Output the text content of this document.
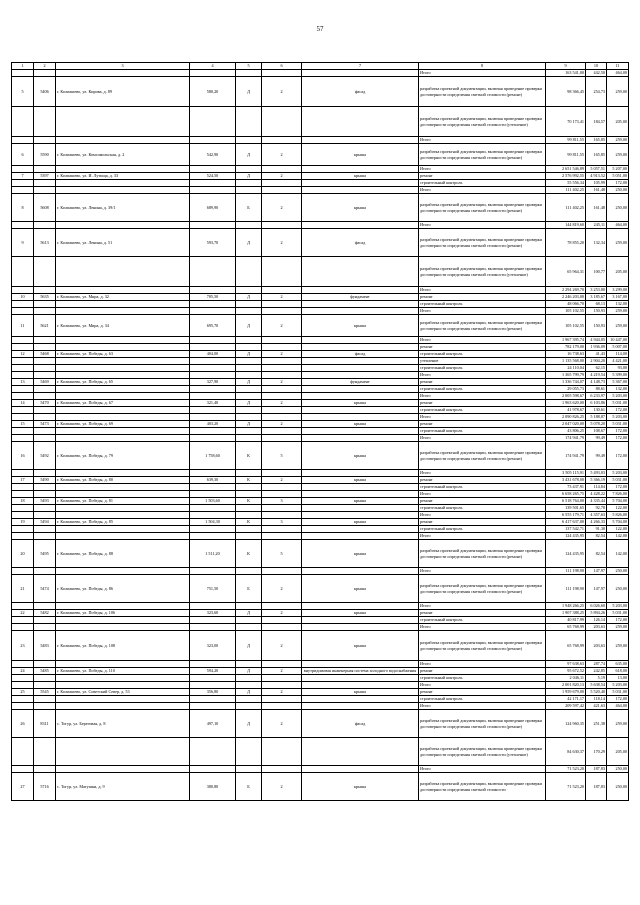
57
1	2	3	4	5	6	7	8	9	10	11
							Итого	163 541,00	442,50	464,00
5	5406	г. Колпашево, ул. Кирова, д. 89	580,20	Д	2	фасад	разработка проектной документации, включая проведение проверки достоверности определения сметной стоимости (ремонт)	98 366,45	254,73	259,00
							разработка проектной документации, включая проведение проверки достоверности определения сметной стоимости (утепление)	70 173,41	184,57	205,00
							Итого	99 811,55	165,85	259,00
6	5590	г. Колпашево, ул. Комсомольская, д. 2	542,90	Д	2	крыша	разработка проектной документации, включая проведение проверки достоверности определения сметной стоимости (ремонт)	99 811,55	165,85	259,00
							Итого	2 651 546,89	5 057,51	5 207,00
7	5397	г. Колпашево, ул. И. Лутища, д. 33	524,50	Д	2	крыша	ремонт	2 576 992,55	4 913,52	5 051,00
							строительный контроль	55 556,34	105,99	172,00
							Итого	111 402,25	161,48	250,00
8	5608	г. Колпашево, ул. Ленина, д. 39/1	689,90	Б	2	крыша	разработка проектной документации, включая проведение проверки достоверности определения сметной стоимости (ремонт)	111 402,25	161,48	250,00
							Итого	144 819,60	245,11	464,00
9	5613	г. Колпашево, ул. Ленина, д. 51	593,70	Д	2	фасад	разработка проектной документации, включая проведение проверки достоверности определения сметной стоимости (ремонт)	78 855,20	132,34	259,00
							разработка проектной документации, включая проведение проверки достоверности определения сметной стоимости (утепление)	65 964,31	100,77	205,00
							Итого	2 294 269,70	3 253,80	3 299,00
10	5635	г. Колпашево, ул. Мира, д. 32	705,50	Д	2	фундамент	ремонт	2 246 203,00	3 185,67	3 167,00
							строительный контроль	48 066,70	68,13	132,00
							Итого	105 102,55	150,93	259,00
11	5621	г. Колпашево, ул. Мира, д. 34	695,70	Д	2	крыша	разработка проектной документации, включая проведение проверки достоверности определения сметной стоимости (ремонт)	105 102,55	150,93	259,00
							Итого	1 967 395,74	4 944,05	10 447,00
							ремонт	782 179,00	1 936,09	5 007,00
12	5468	г. Колпашево, ул. Победы, д. 63	404,00	Д	2	фасад	строительный контроль	16 738,63	41,43	114,00
							утепление	1 135 568,00	2 904,20	4 421,00
							строительный контроль	24 110,04	62,15	93,00
							Итого	1 365 799,79	4 219,54	5 399,00
13	5469	г. Колпашево, ул. Победы, д. 65	327,90	Д	2	фундамент	ремонт	1 336 744,07	4 148,73	5 367,00
							строительный контроль	29 055,73	88,61	132,00
							Итого	2 005 598,67	6 233,97	5 203,00
14	5470	г. Колпашево, ул. Победы, д. 67	321,40	Д	2	крыша	ремонт	1 963 620,00	6 103,86	5 031,00
							строительный контроль	41 978,67	130,61	172,00
							Итого	2 090 826,25	5 188,87	5 203,00
15	5473	г. Колпашево, ул. Победы, д. 69	403,20	Д	2	крыша	ремонт	2 047 020,00	5 078,20	5 031,00
							строительный контроль	43 806,25	108,67	172,00
							Итого	174 941,79	99,49	172,00
16	5492	г. Колпашево, ул. Победы, д. 79	1 758,60	К	5	крыша	разработка проектной документации, включая проведение проверки достоверности определения сметной стоимости (ремонт)	174 941,79	99,49	172,00
							Итого	3 505 115,91	5 493,03	5 203,00
17	5490	г. Колпашево, ул. Победы, д. 80	639,30	К	2	крыша	ремонт	3 431 678,00	5 366,19	5 031,00
							строительный контроль	73 437,91	114,84	172,00
							Итого	6 658 265,75	4 428,22	7 826,00
18	5493	г. Колпашево, ул. Победы, д. 81	1 503,60	К	3	крыша	ремонт	6 518 764,00	4 335,44	5 704,00
							строительный контроль	139 501,65	92,78	122,00
							Итого	6 555 179,71	4 357,63	5 826,00
19	5494	г. Колпашево, ул. Победы, д. 85	1 504,30	К	3	крыша	ремонт	6 417 637,00	4 266,33	5 704,00
							строительный контроль	137 542,71	91,30	122,00
							Итого	124 435,95	82,54	142,00
20	5495	г. Колпашево, ул. Победы, д. 88	1 511,20	К	5	крыша	разработка проектной документации, включая проведение проверки достоверности определения сметной стоимости (ремонт)	124 435,95	82,54	142,00
							Итого	111 198,90	147,97	250,00
21	5474	г. Колпашево, ул. Победы, д. 86	751,50	Б	2	крыша	разработка проектной документации, включая проведение проверки достоверности определения сметной стоимости (ремонт)	111 198,90	147,97	250,00
							Итого	1 948 266,25	6 026,60	5 203,00
22	5482	г. Колпашево, ул. Победы, д. 106	323,60	Д	2	крыша	ремонт	1 907 388,25	5 894,26	5 031,00
							строительный контроль	40 817,99	126,14	172,00
							Итого	65 768,99	203,63	259,00
23	5483	г. Колпашево, ул. Победы, д. 108	323,00	Д	2	крыша	разработка проектной документации, включая проведение проверки достоверности определения сметной стоимости (ремонт)	65 768,99	203,63	259,00
							Итого	97 638,63	287,74	635,00
24	5485	г. Колпашево, ул. Победы, д. 110	594,20	Д	2	внутридомовая инженерная система холодного водоснабжения	ремонт	95 672,52	242,85	618,00
							строительный контроль	2 046,11	5,19	13,00
							Итого	2 001 820,13	5 638,54	5 203,00
25	5545	г. Колпашево, ул. Советский Север, д. 53	356,80	Д	2	крыша	ремонт	1 959 679,00	5 520,40	5 031,00
							строительный контроль	42 171,17	118,14	172,00
							Итого	209 597,42	421,63	464,00
26	8311	с. Тогур, ул. Береговая, д. 8	497,10	Д	2	фасад	разработка проектной документации, включая проведение проверки достоверности определения сметной стоимости (ремонт)	124 960,35	251,38	259,00
							разработка проектной документации, включая проведение проверки достоверности определения сметной стоимости (утепление)	84 630,37	170,29	205,00
							Итого	71 523,20	187,83	250,00
27	5716	с. Тогур, ул. Матушки, д. 9	380,80	Б	2	крыша	разработка проектной документации, включая проведение проверки достоверности определения сметной стоимости	71 523,20	187,83	250,00
